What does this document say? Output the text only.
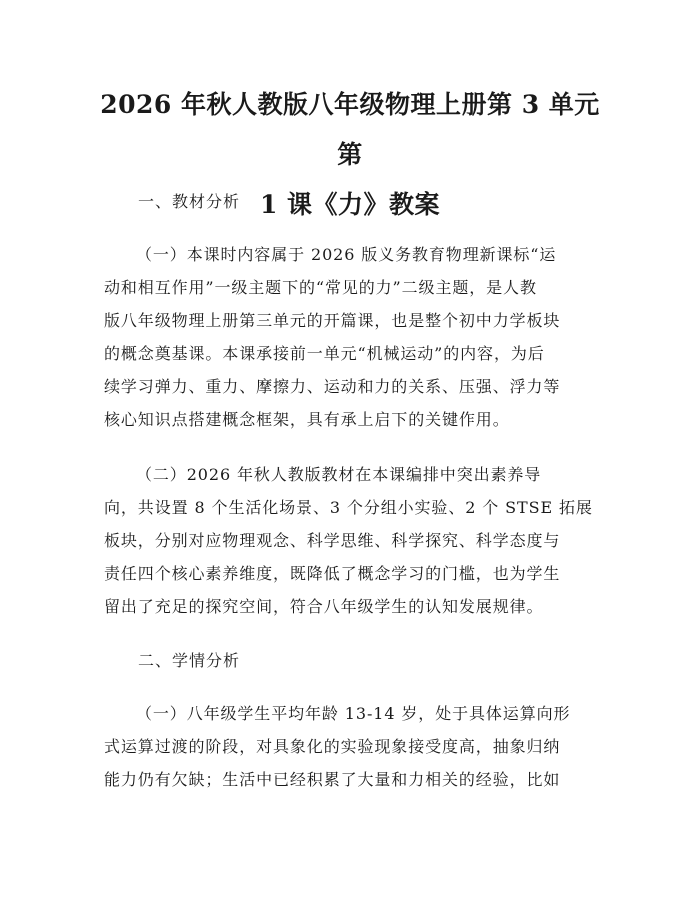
2026 年秋人教版八年级物理上册第 3 单元第
1 课《力》教案

一、教材分析

（一）本课时内容属于 2026 版义务教育物理新课标“运
动和相互作用”一级主题下的“常见的力”二级主题，是人教
版八年级物理上册第三单元的开篇课，也是整个初中力学板块
的概念奠基课。本课承接前一单元“机械运动”的内容，为后
续学习弹力、重力、摩擦力、运动和力的关系、压强、浮力等
核心知识点搭建概念框架，具有承上启下的关键作用。

（二）2026 年秋人教版教材在本课编排中突出素养导
向，共设置 8 个生活化场景、3 个分组小实验、2 个 STSE 拓展
板块，分别对应物理观念、科学思维、科学探究、科学态度与
责任四个核心素养维度，既降低了概念学习的门槛，也为学生
留出了充足的探究空间，符合八年级学生的认知发展规律。

二、学情分析

（一）八年级学生平均年龄 13-14 岁，处于具体运算向形
式运算过渡的阶段，对具象化的实验现象接受度高，抽象归纳
能力仍有欠缺；生活中已经积累了大量和力相关的经验，比如
